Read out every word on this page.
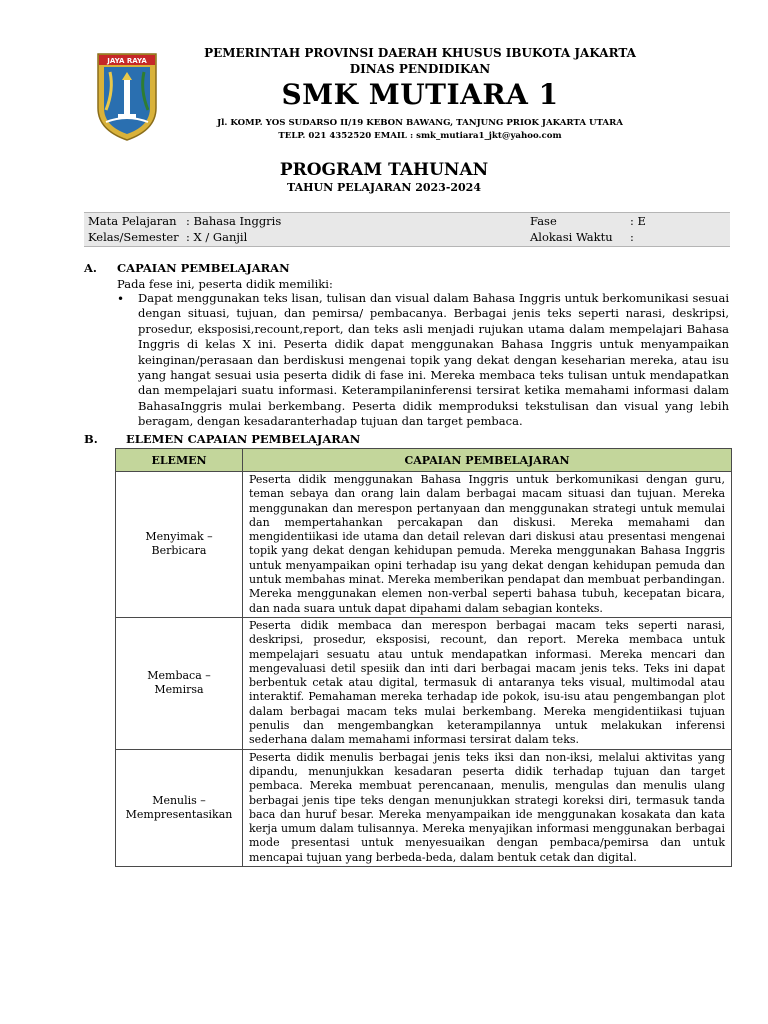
JAYA RAYA
PEMERINTAH PROVINSI DAERAH KHUSUS IBUKOTA JAKARTA
DINAS PENDIDIKAN
SMK MUTIARA 1
Jl. KOMP. YOS SUDARSO II/19 KEBON BAWANG, TANJUNG PRIOK JAKARTA UTARA
TELP. 021 4352520 EMAIL : smk_mutiara1_jkt@yahoo.com
PROGRAM TAHUNAN
TAHUN PELAJARAN 2023-2024
Mata Pelajaran : Bahasa Inggris
Kelas/Semester : X / Ganjil
Fase	: E
Alokasi Waktu :
A. CAPAIAN PEMBELAJARAN
Pada fese ini, peserta didik memiliki:
• Dapat menggunakan teks lisan, tulisan dan visual dalam Bahasa Inggris untuk berkomunikasi sesuai dengan situasi, tujuan, dan pemirsa/ pembacanya. Berbagai jenis teks seperti narasi, deskripsi, prosedur, eksposisi,recount,report, dan teks asli menjadi rujukan utama dalam mempelajari Bahasa Inggris di kelas X ini. Peserta didik dapat menggunakan Bahasa Inggris untuk menyampaikan keinginan/perasaan dan berdiskusi mengenai topik yang dekat dengan keseharian mereka, atau isu yang hangat sesuai usia peserta didik di fase ini. Mereka membaca teks tulisan untuk mendapatkan dan mempelajari suatu informasi. Keterampilaninferensi tersirat ketika memahami informasi dalam BahasaInggris mulai berkembang. Peserta didik memproduksi tekstulisan dan visual yang lebih beragam, dengan kesadaranterhadap tujuan dan target pembaca.

B. ELEMEN CAPAIAN PEMBELAJARAN
ELEMEN	CAPAIAN PEMBELAJARAN
Menyimak – Berbicara	Peserta didik menggunakan Bahasa Inggris untuk berkomunikasi dengan guru, teman sebaya dan orang lain dalam berbagai macam situasi dan tujuan. Mereka menggunakan dan merespon pertanyaan dan menggunakan strategi untuk memulai dan mempertahankan percakapan dan diskusi. Mereka memahami dan mengidentiikasi ide utama dan detail relevan dari diskusi atau presentasi mengenai topik yang dekat dengan kehidupan pemuda. Mereka menggunakan Bahasa Inggris untuk menyampaikan opini terhadap isu yang dekat dengan kehidupan pemuda dan untuk membahas minat. Mereka memberikan pendapat dan membuat perbandingan. Mereka menggunakan elemen non-verbal seperti bahasa tubuh, kecepatan bicara, dan nada suara untuk dapat dipahami dalam sebagian konteks.
Membaca – Memirsa	Peserta didik membaca dan merespon berbagai macam teks seperti narasi, deskripsi, prosedur, eksposisi, recount, dan report. Mereka membaca untuk mempelajari sesuatu atau untuk mendapatkan informasi. Mereka mencari dan mengevaluasi detil spesiik dan inti dari berbagai macam jenis teks. Teks ini dapat berbentuk cetak atau digital, termasuk di antaranya teks visual, multimodal atau interaktif. Pemahaman mereka terhadap ide pokok, isu-isu atau pengembangan plot dalam berbagai macam teks mulai berkembang. Mereka mengidentiikasi tujuan penulis dan mengembangkan keterampilannya untuk melakukan inferensi sederhana dalam memahami informasi tersirat dalam teks.
Menulis – Mempresentasikan	Peserta didik menulis berbagai jenis teks iksi dan non-iksi, melalui aktivitas yang dipandu, menunjukkan kesadaran peserta didik terhadap tujuan dan target pembaca. Mereka membuat perencanaan, menulis, mengulas dan menulis ulang berbagai jenis tipe teks dengan menunjukkan strategi koreksi diri, termasuk tanda baca dan huruf besar. Mereka menyampaikan ide menggunakan kosakata dan kata kerja umum dalam tulisannya. Mereka menyajikan informasi menggunakan berbagai mode presentasi untuk menyesuaikan dengan pembaca/pemirsa dan untuk mencapai tujuan yang berbeda-beda, dalam bentuk cetak dan digital.
